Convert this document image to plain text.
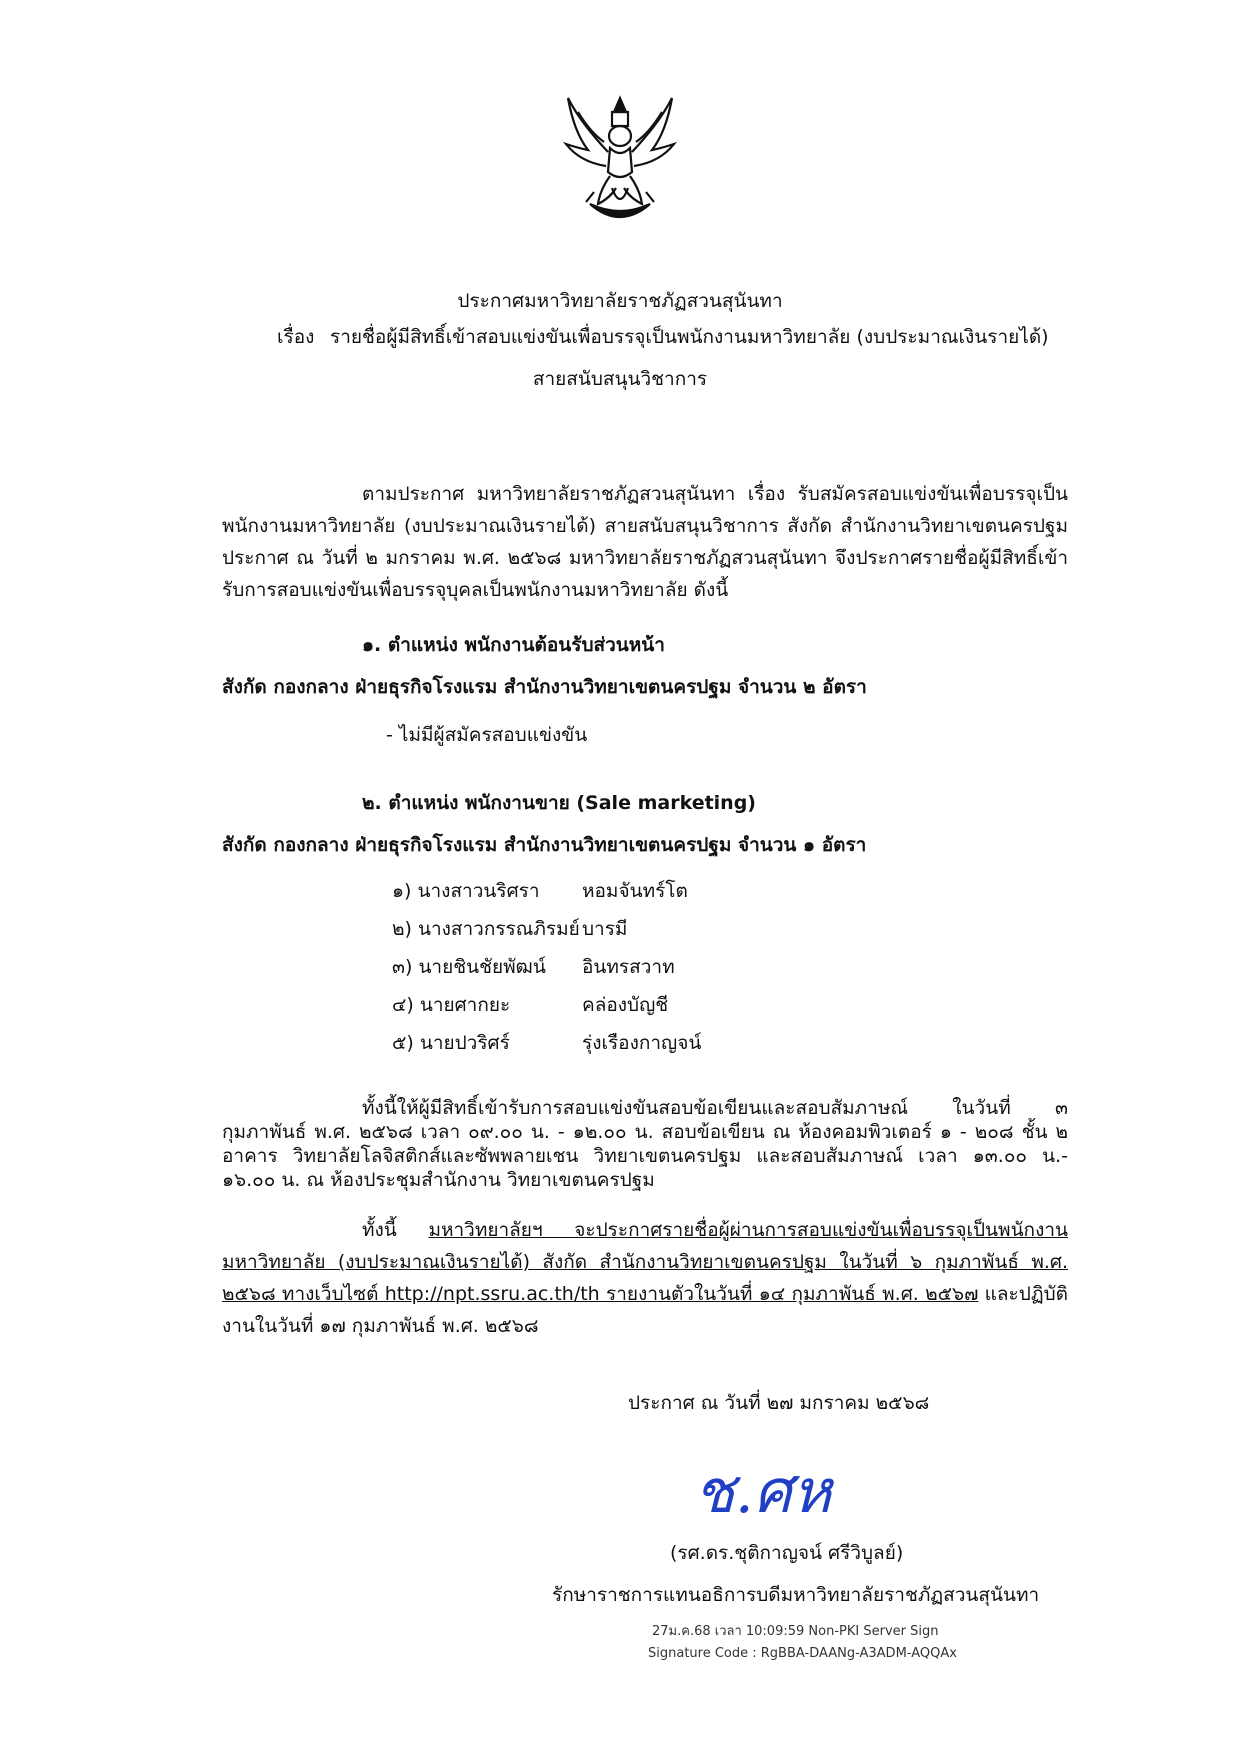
ประกาศมหาวิทยาลัยราชภัฏสวนสุนันทา
เรื่อง รายชื่อผู้มีสิทธิ์เข้าสอบแข่งขันเพื่อบรรจุเป็นพนักงานมหาวิทยาลัย (งบประมาณเงินรายได้)
สายสนับสนุนวิชาการ
ตามประกาศ มหาวิทยาลัยราชภัฏสวนสุนันทา เรื่อง รับสมัครสอบแข่งขันเพื่อบรรจุเป็นพนักงานมหาวิทยาลัย (งบประมาณเงินรายได้) สายสนับสนุนวิชาการ สังกัด สำนักงานวิทยาเขตนครปฐม ประกาศ ณ วันที่ ๒ มกราคม พ.ศ. ๒๕๖๘ มหาวิทยาลัยราชภัฏสวนสุนันทา จึงประกาศรายชื่อผู้มีสิทธิ์เข้ารับการสอบแข่งขันเพื่อบรรจุบุคลเป็นพนักงานมหาวิทยาลัย ดังนี้
๑. ตำแหน่ง พนักงานต้อนรับส่วนหน้า
สังกัด กองกลาง ฝ่ายธุรกิจโรงแรม สำนักงานวิทยาเขตนครปฐม จำนวน ๒ อัตรา
- ไม่มีผู้สมัครสอบแข่งขัน
๒. ตำแหน่ง พนักงานขาย (Sale marketing)
สังกัด กองกลาง ฝ่ายธุรกิจโรงแรม สำนักงานวิทยาเขตนครปฐม จำนวน ๑ อัตรา
๑) นางสาวนริศรา	หอมจันทร์โต
๒) นางสาวกรรณภิรมย์ บารมี
๓) นายชินชัยพัฒน์	อินทรสวาท
๔) นายศากยะ	คล่องบัญชี
๕) นายปวริศร์	รุ่งเรืองกาญจน์
ทั้งนี้ให้ผู้มีสิทธิ์เข้ารับการสอบแข่งขันสอบข้อเขียนและสอบสัมภาษณ์ ในวันที่ ๓ กุมภาพันธ์ พ.ศ. ๒๕๖๘ เวลา ๐๙.๐๐ น. - ๑๒.๐๐ น. สอบข้อเขียน ณ ห้องคอมพิวเตอร์ ๑ - ๒๐๘ ชั้น ๒ อาคาร วิทยาลัยโลจิสติกส์และซัพพลายเชน วิทยาเขตนครปฐม และสอบสัมภาษณ์ เวลา ๑๓.๐๐ น.- ๑๖.๐๐ น. ณ ห้องประชุมสำนักงาน วิทยาเขตนครปฐม
ทั้งนี้ มหาวิทยาลัยฯ จะประกาศรายชื่อผู้ผ่านการสอบแข่งขันเพื่อบรรจุเป็นพนักงานมหาวิทยาลัย (งบประมาณเงินรายได้) สังกัด สำนักงานวิทยาเขตนครปฐม ในวันที่ ๖ กุมภาพันธ์ พ.ศ. ๒๕๖๘ ทางเว็บไซต์ http://npt.ssru.ac.th/th รายงานตัวในวันที่ ๑๔ กุมภาพันธ์ พ.ศ. ๒๕๖๗ และปฏิบัติงานในวันที่ ๑๗ กุมภาพันธ์ พ.ศ. ๒๕๖๘
ประกาศ ณ วันที่ ๒๗ มกราคม ๒๕๖๘
ช.ศห
(รศ.ดร.ชุติกาญจน์ ศรีวิบูลย์)
รักษาราชการแทนอธิการบดีมหาวิทยาลัยราชภัฏสวนสุนันทา
27ม.ค.68 เวลา 10:09:59 Non-PKI Server Sign
Signature Code : RgBBA-DAANg-A3ADM-AQQAx
